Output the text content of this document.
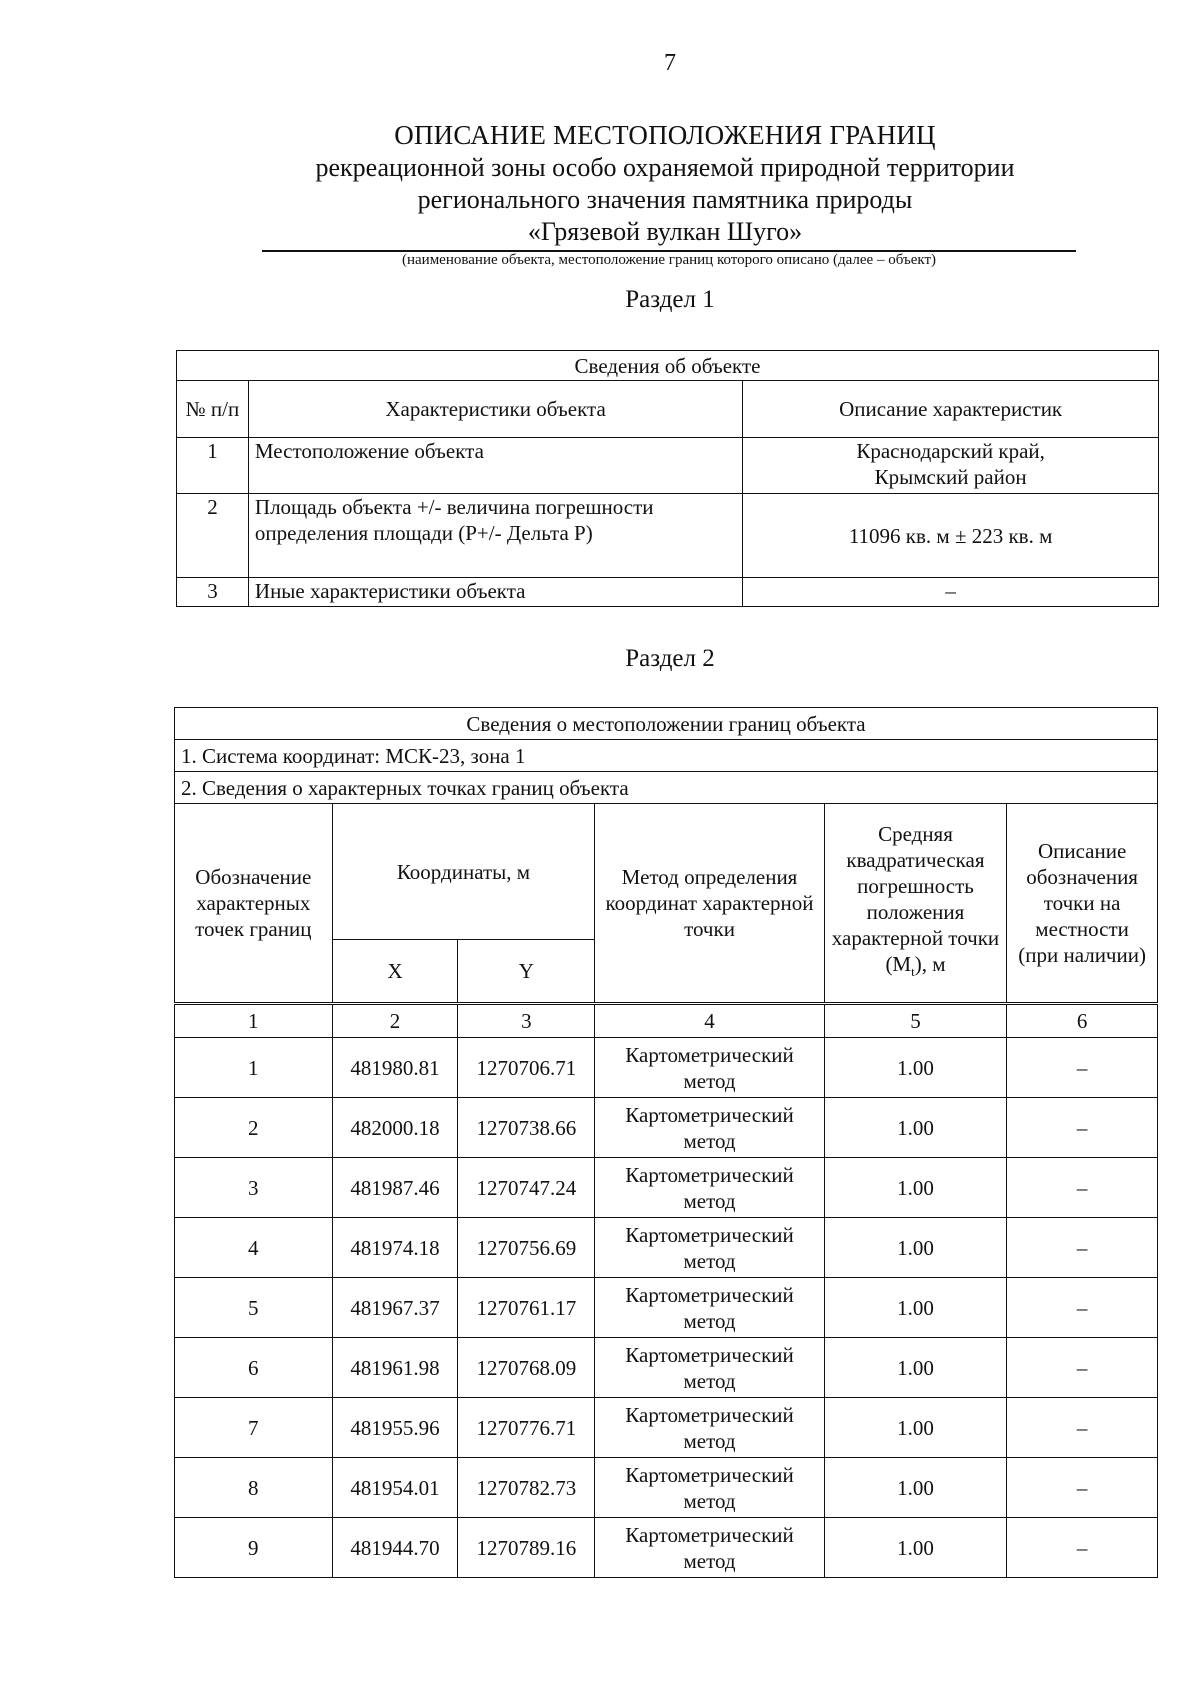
7
ОПИСАНИЕ МЕСТОПОЛОЖЕНИЯ ГРАНИЦ
рекреационной зоны особо охраняемой природной территории
регионального значения памятника природы
«Грязевой вулкан Шуго»
(наименование объекта, местоположение границ которого описано (далее – объект)
Раздел 1
Сведения об объекте		
№ п/п	Характеристики объекта	Описание характеристик
1	Местоположение объекта	Краснодарский край, Крымский район
2	Площадь объекта +/- величина погрешности определения площади (Р+/- Дельта Р)	11096 кв. м ± 223 кв. м
3	Иные характеристики объекта	–
Раздел 2
Сведения о местоположении границ объекта					
1. Система координат: МСК-23, зона 1					
2. Сведения о характерных точках границ объекта					
Обозначение характерных точек границ	Координаты, м		Метод определения координат характерной точки	Средняя квадратическая погрешность положения характерной точки $(M_t)$, м	Описание обозначения точки на местности (при наличии)
	X	Y			
1	2	3	4	5	6
1	481980.81	1270706.71	Картометрический метод	1.00	–
2	482000.18	1270738.66	Картометрический метод	1.00	–
3	481987.46	1270747.24	Картометрический метод	1.00	–
4	481974.18	1270756.69	Картометрический метод	1.00	–
5	481967.37	1270761.17	Картометрический метод	1.00	–
6	481961.98	1270768.09	Картометрический метод	1.00	–
7	481955.96	1270776.71	Картометрический метод	1.00	–
8	481954.01	1270782.73	Картометрический метод	1.00	–
9	481944.70	1270789.16	Картометрический метод	1.00	–
